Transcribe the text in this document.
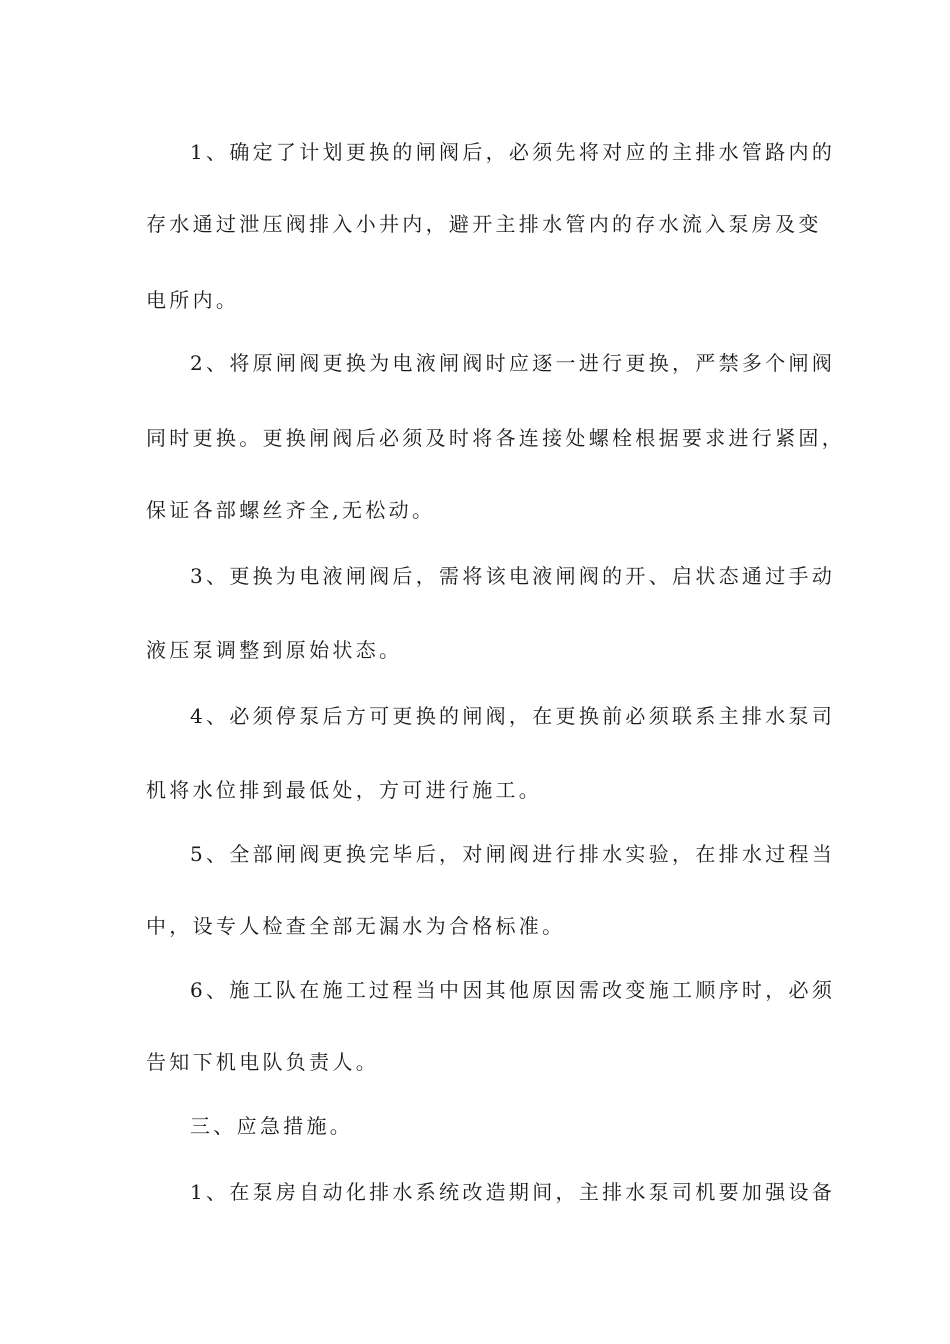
1、确定了计划更换的闸阀后，必须先将对应的主排水管路内的
存水通过泄压阀排入小井内，避开主排水管内的存水流入泵房及变
电所内。
2、将原闸阀更换为电液闸阀时应逐一进行更换，严禁多个闸阀
同时更换。更换闸阀后必须及时将各连接处螺栓根据要求进行紧固，
保证各部螺丝齐全,无松动。
3、更换为电液闸阀后，需将该电液闸阀的开、启状态通过手动
液压泵调整到原始状态。
4、必须停泵后方可更换的闸阀，在更换前必须联系主排水泵司
机将水位排到最低处，方可进行施工。
5、全部闸阀更换完毕后，对闸阀进行排水实验，在排水过程当
中，设专人检查全部无漏水为合格标准。
6、施工队在施工过程当中因其他原因需改变施工顺序时，必须
告知下机电队负责人。
三、应急措施。
1、在泵房自动化排水系统改造期间，主排水泵司机要加强设备
